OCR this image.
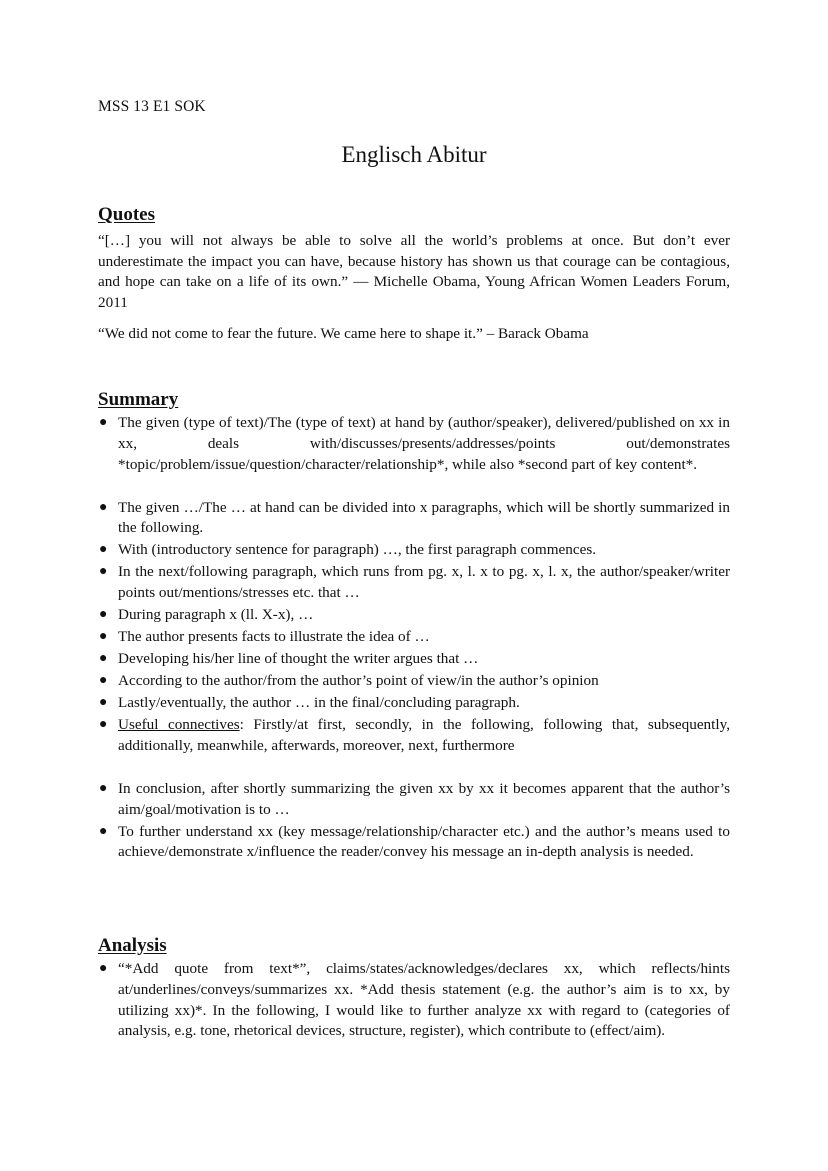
MSS 13 E1 SOK
Englisch Abitur
Quotes

“[…] you will not always be able to solve all the world’s problems at once. But don’t ever underestimate the impact you can have, because history has shown us that courage can be contagious, and hope can take on a life of its own.” — Michelle Obama, Young African Women Leaders Forum, 2011

“We did not come to fear the future. We came here to shape it.” – Barack Obama

Summary
● The given (type of text)/The (type of text) at hand by (author/speaker), delivered/published on xx in xx, deals with/discusses/presents/addresses/points out/demonstrates *topic/problem/issue/question/character/relationship*, while also *second part of key content*.
● The given …/The … at hand can be divided into x paragraphs, which will be shortly summarized in the following.
● With (introductory sentence for paragraph) …, the first paragraph commences.
● In the next/following paragraph, which runs from pg. x, l. x to pg. x, l. x, the author/speaker/writer points out/mentions/stresses etc. that …
● During paragraph x (ll. X-x), …
● The author presents facts to illustrate the idea of …
● Developing his/her line of thought the writer argues that …
● According to the author/from the author’s point of view/in the author’s opinion
● Lastly/eventually, the author … in the final/concluding paragraph.
● Useful connectives: Firstly/at first, secondly, in the following, following that, subsequently, additionally, meanwhile, afterwards, moreover, next, furthermore
● In conclusion, after shortly summarizing the given xx by xx it becomes apparent that the author’s aim/goal/motivation is to …
● To further understand xx (key message/relationship/character etc.) and the author’s means used to achieve/demonstrate x/influence the reader/convey his message an in-depth analysis is needed.
Analysis
● “*Add quote from text*”, claims/states/acknowledges/declares xx, which reflects/hints at/underlines/conveys/summarizes xx. *Add thesis statement (e.g. the author’s aim is to xx, by utilizing xx)*. In the following, I would like to further analyze xx with regard to (categories of analysis, e.g. tone, rhetorical devices, structure, register), which contribute to (effect/aim).
